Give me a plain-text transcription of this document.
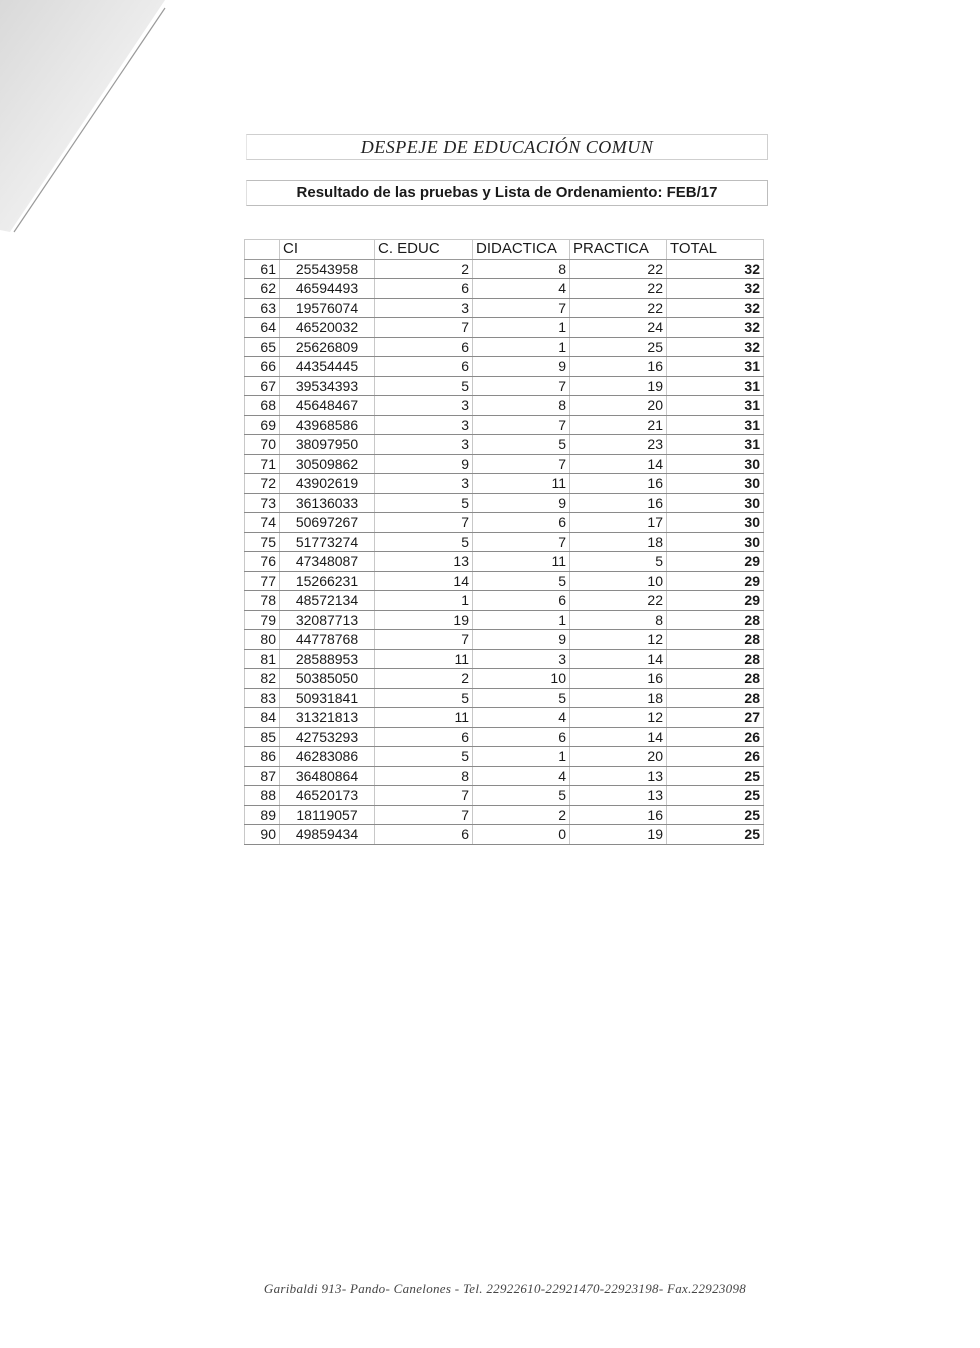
DESPEJE DE EDUCACIÓN COMUN
Resultado de las pruebas y Lista de Ordenamiento: FEB/17
	CI	C. EDUC	DIDACTICA	PRACTICA	TOTAL
61	25543958	2	8	22	32
62	46594493	6	4	22	32
63	19576074	3	7	22	32
64	46520032	7	1	24	32
65	25626809	6	1	25	32
66	44354445	6	9	16	31
67	39534393	5	7	19	31
68	45648467	3	8	20	31
69	43968586	3	7	21	31
70	38097950	3	5	23	31
71	30509862	9	7	14	30
72	43902619	3	11	16	30
73	36136033	5	9	16	30
74	50697267	7	6	17	30
75	51773274	5	7	18	30
76	47348087	13	11	5	29
77	15266231	14	5	10	29
78	48572134	1	6	22	29
79	32087713	19	1	8	28
80	44778768	7	9	12	28
81	28588953	11	3	14	28
82	50385050	2	10	16	28
83	50931841	5	5	18	28
84	31321813	11	4	12	27
85	42753293	6	6	14	26
86	46283086	5	1	20	26
87	36480864	8	4	13	25
88	46520173	7	5	13	25
89	18119057	7	2	16	25
90	49859434	6	0	19	25
Garibaldi 913- Pando- Canelones - Tel. 22922610-22921470-22923198- Fax.22923098
